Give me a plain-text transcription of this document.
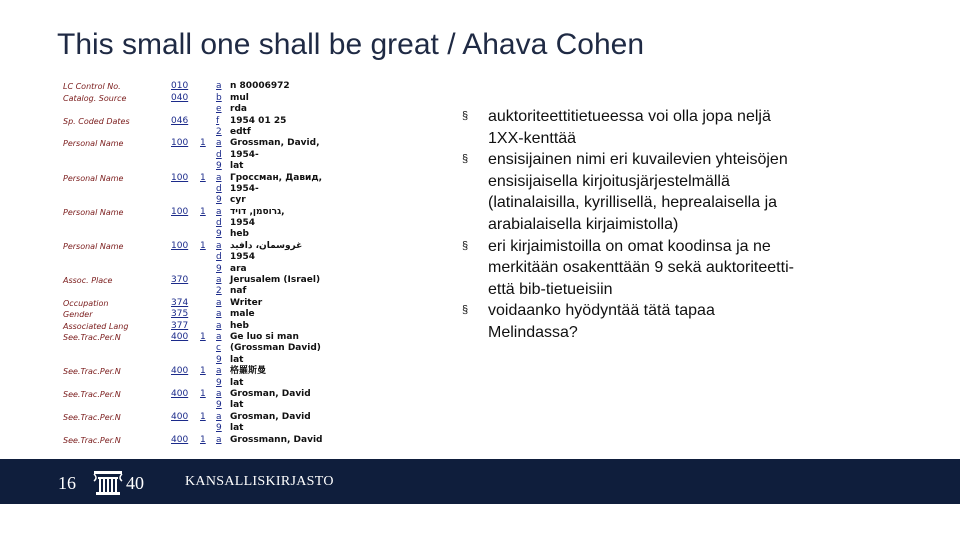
This small one shall be great / Ahava Cohen
LC Control No.	010	a n 80006972
Catalog. Source	040	b mul
e rda
Sp. Coded Dates	046	f 1954 01 25
2 edtf
Personal Name	100 1 a Grossman, David,
d 1954-
9 lat
Personal Name	100 1 a Гроссман, Давид,
d 1954-
9 cyr
Personal Name	100 1 a גרוסמן, דויד,
d 1954
9 heb
Personal Name	100 1 a غروسمان، دافيد
d 1954
9 ara
Assoc. Place	370	a Jerusalem (Israel)
2 naf
Occupation	374	a Writer
Gender	375	a male
Associated Lang	377	a heb
See.Trac.Per.N	400 1 a Ge luo si man
c (Grossman David)
9 lat
See.Trac.Per.N	400 1 a 格羅斯曼
9 lat
See.Trac.Per.N	400 1 a Grosman, David
9 lat
See.Trac.Per.N	400 1 a Grosman, David
9 lat
See.Trac.Per.N	400 1 a Grossmann, David
§ auktoriteettitietueessa voi olla jopa neljä 1XX-kenttää
§ ensisijainen nimi eri kuvailevien yhteisöjen ensisijaisella kirjoitusjärjestelmällä (latinalaisilla, kyrillisellä, heprealaisella ja arabialaisella kirjaimistolla)
§ eri kirjaimistoilla on omat koodinsa ja ne merkitään osakenttään 9 sekä auktoriteetti- että bib-tietueisiin
§ voidaanko hyödyntää tätä tapaa Melindassa?
16	40	KANSALLISKIRJASTO
